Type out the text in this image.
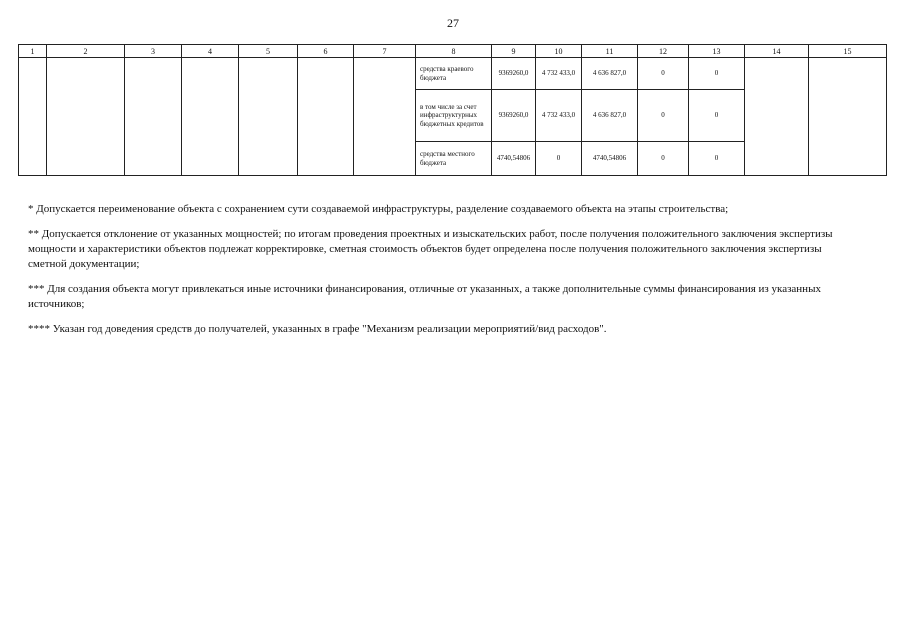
27
1	2	3	4	5	6	7	8	9	10	11	12	13	14	15
							средства краевого бюджета	9369260,0	4 732 433,0	4 636 827,0	0	0		
							в том числе за счет инфраструктурных бюджетных кредитов	9369260,0	4 732 433,0	4 636 827,0	0	0		
							средства местного бюджета	4740,54806	0	4740,54806	0	0		

* Допускается переименование объекта с сохранением сути создаваемой инфраструктуры, разделение создаваемого объекта на этапы строительства;

** Допускается отклонение от указанных мощностей; по итогам проведения проектных и изыскательских работ, после получения положительного заключения экспертизы мощности и характеристики объектов подлежат корректировке, сметная стоимость объектов будет определена после получения положительного заключения экспертизы сметной документации;

*** Для создания объекта могут привлекаться иные источники финансирования, отличные от указанных, а также дополнительные суммы финансирования из указанных источников;

**** Указан год доведения средств до получателей, указанных в графе "Механизм реализации мероприятий/вид расходов".
